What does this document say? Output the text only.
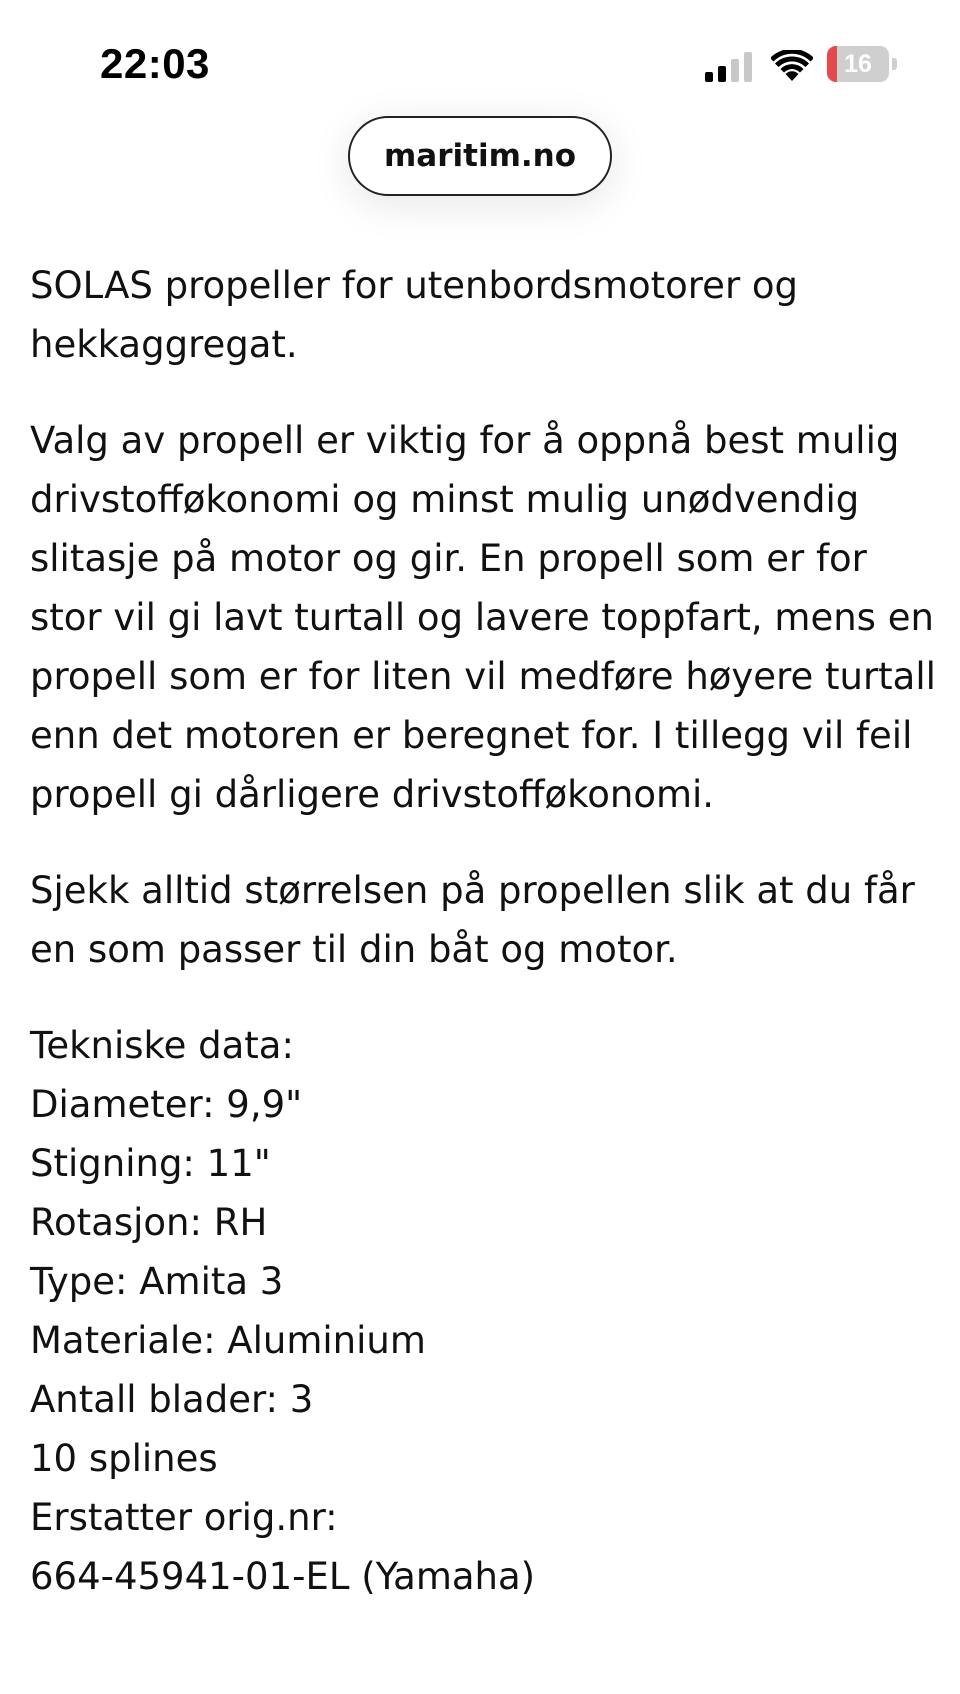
22:03	16
maritim.no

SOLAS propeller for utenbordsmotorer og hekkaggregat.

Valg av propell er viktig for å oppnå best mulig drivstofføkonomi og minst mulig unødvendig slitasje på motor og gir. En propell som er for stor vil gi lavt turtall og lavere toppfart, mens en propell som er for liten vil medføre høyere turtall enn det motoren er beregnet for. I tillegg vil feil propell gi dårligere drivstofføkonomi.

Sjekk alltid størrelsen på propellen slik at du får en som passer til din båt og motor.

Tekniske data:
Diameter: 9,9"
Stigning: 11"
Rotasjon: RH
Type: Amita 3
Materiale: Aluminium
Antall blader: 3
10 splines
Erstatter orig.nr:
664-45941-01-EL (Yamaha)
